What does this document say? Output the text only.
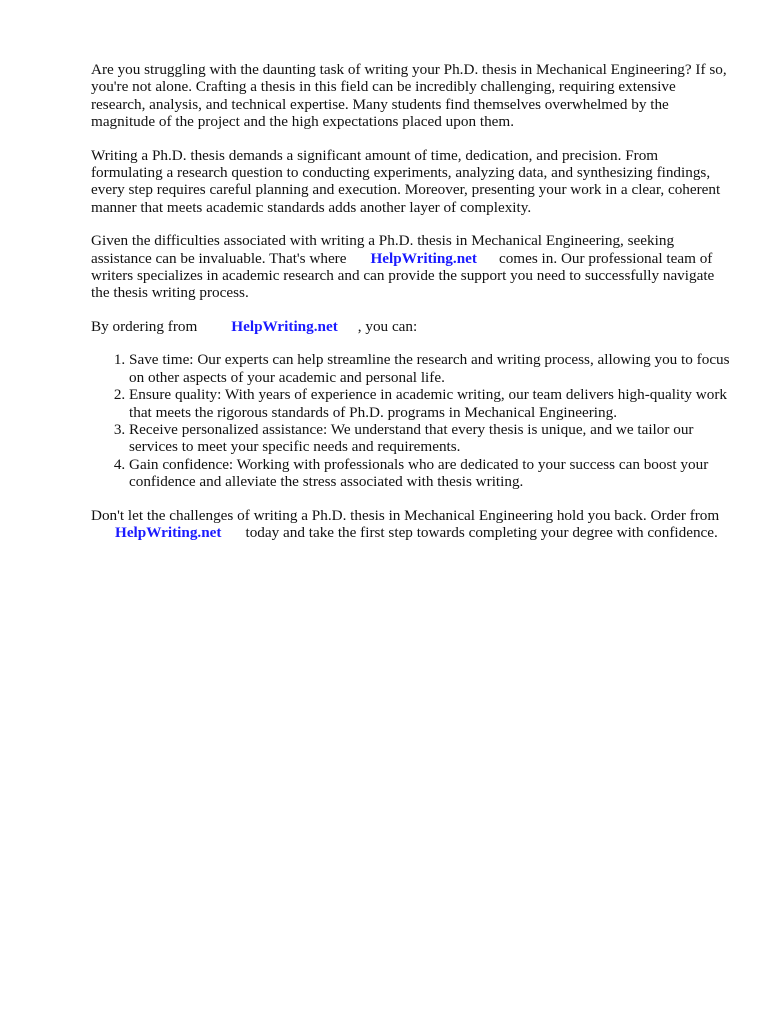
Are you struggling with the daunting task of writing your Ph.D. thesis in Mechanical Engineering? If so, you're not alone. Crafting a thesis in this field can be incredibly challenging, requiring extensive research, analysis, and technical expertise. Many students find themselves overwhelmed by the magnitude of the project and the high expectations placed upon them.

Writing a Ph.D. thesis demands a significant amount of time, dedication, and precision. From formulating a research question to conducting experiments, analyzing data, and synthesizing findings, every step requires careful planning and execution. Moreover, presenting your work in a clear, coherent manner that meets academic standards adds another layer of complexity.

Given the difficulties associated with writing a Ph.D. thesis in Mechanical Engineering, seeking assistance can be invaluable. That's where HelpWriting.net comes in. Our professional team of writers specializes in academic research and can provide the support you need to successfully navigate the thesis writing process.

By ordering from HelpWriting.net , you can:

1. Save time: Our experts can help streamline the research and writing process, allowing you to focus on other aspects of your academic and personal life.
2. Ensure quality: With years of experience in academic writing, our team delivers high-quality work that meets the rigorous standards of Ph.D. programs in Mechanical Engineering.
3. Receive personalized assistance: We understand that every thesis is unique, and we tailor our services to meet your specific needs and requirements.
4. Gain confidence: Working with professionals who are dedicated to your success can boost your confidence and alleviate the stress associated with thesis writing.

Don't let the challenges of writing a Ph.D. thesis in Mechanical Engineering hold you back. Order fromHelpWriting.net today and take the first step towards completing your degree with confidence.
